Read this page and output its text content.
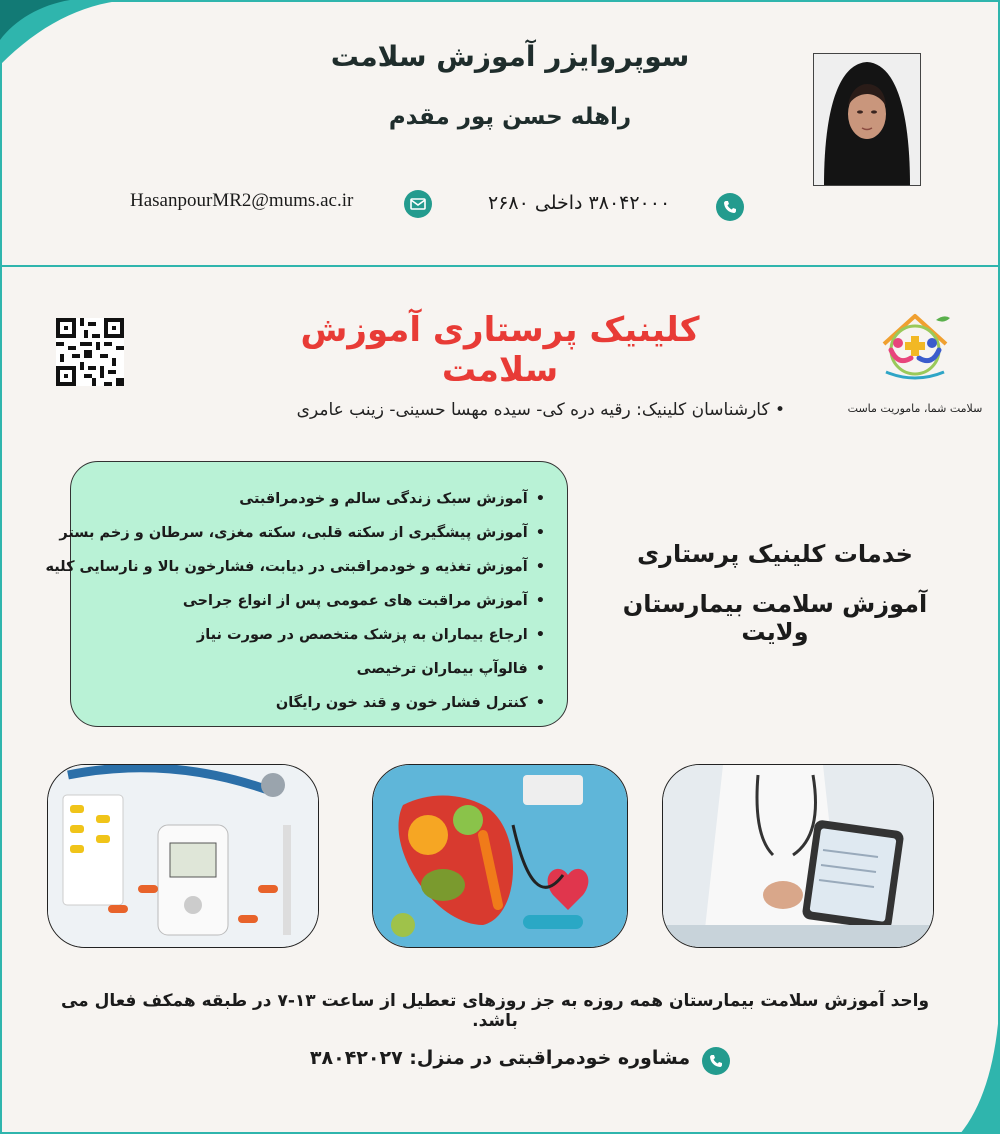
سوپروایزر آموزش سلامت
راهله حسن پور مقدم
HasanpourMR2@mums.ac.ir	۳۸۰۴۲۰۰۰ داخلی ۲۶۸۰
کلینیک پرستاری آموزش سلامت
سلامت شما، ماموریت ماست
• کارشناسان کلینیک: رقیه دره کی- سیده مهسا حسینی- زینب عامری
• آموزش سبک زندگی سالم و خودمراقبتی
• آموزش پیشگیری از سکته قلبی، سکته مغزی، سرطان و زخم بستر
• آموزش تغذیه و خودمراقبتی در دیابت، فشارخون بالا و نارسایی کلیه
• آموزش مراقبت های عمومی پس از انواع جراحی
• ارجاع بیماران به پزشک متخصص در صورت نیاز
• فالوآپ بیماران ترخیصی
• کنترل فشار خون و قند خون رایگان
خدمات کلینیک پرستاری
آموزش سلامت بیمارستان ولایت
واحد آموزش سلامت بیمارستان همه روزه به جز روزهای تعطیل از ساعت ۱۳-۷ در طبقه همکف فعال می باشد.
مشاوره خودمراقبتی در منزل: ۳۸۰۴۲۰۲۷
